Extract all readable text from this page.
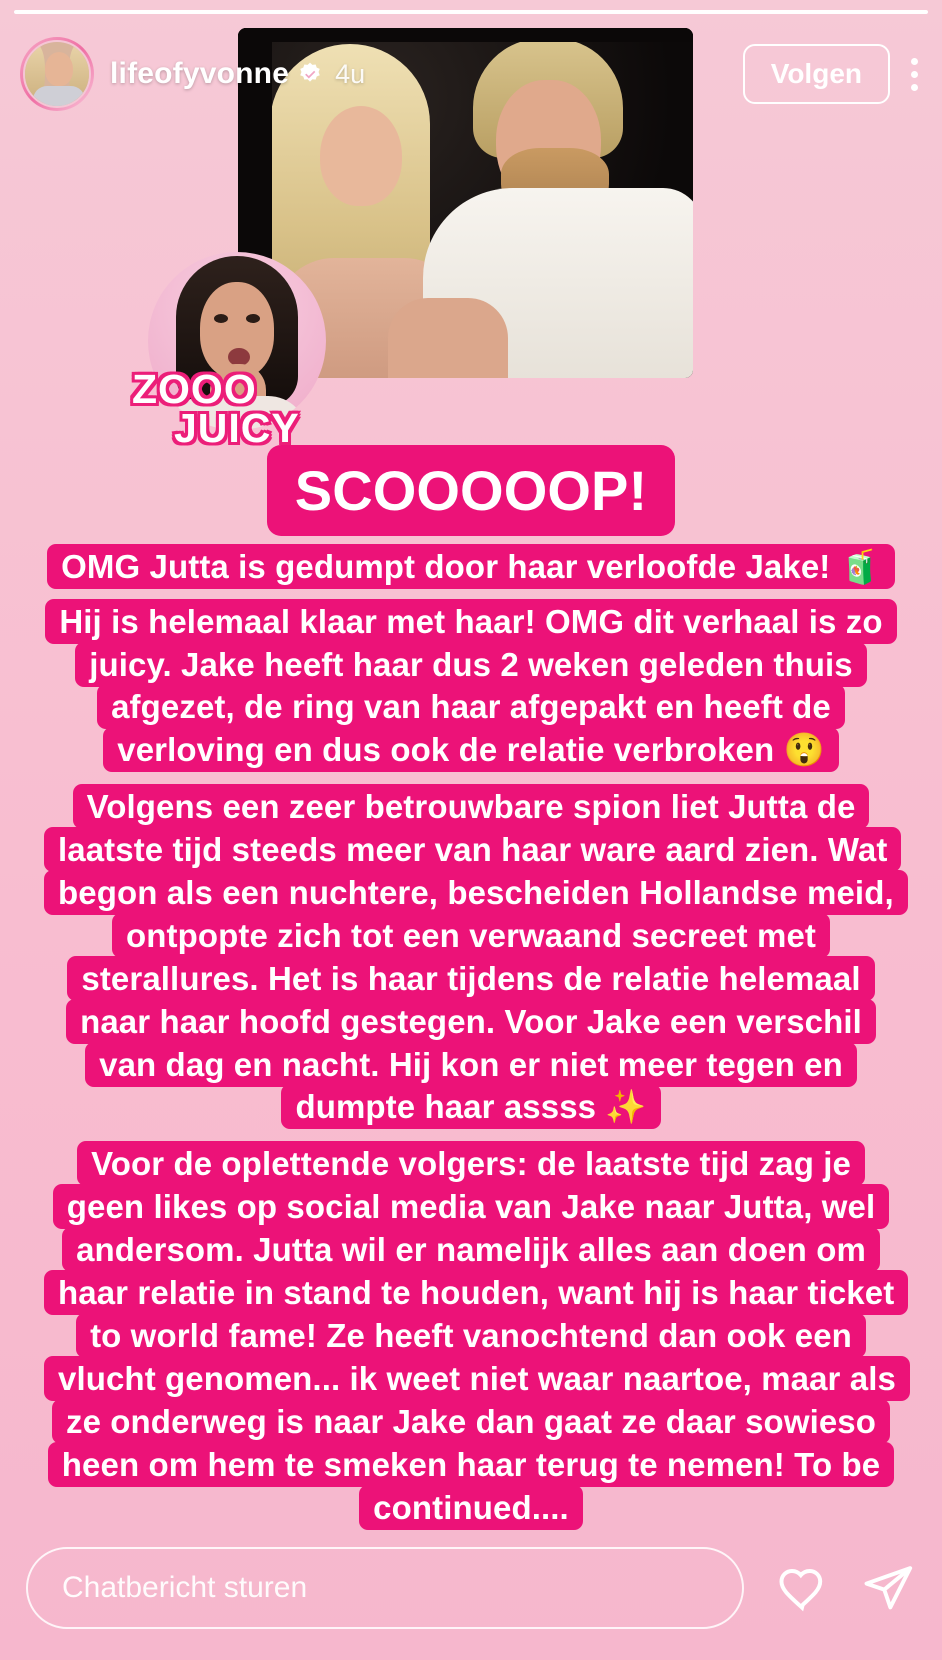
lifeofyvonne 4u	Volgen
ZOOO
JUICY
SCOOOOOP!
OMG Jutta is gedumpt door haar verloofde Jake! 🧃
Hij is helemaal klaar met haar! OMG dit verhaal is zo juicy. Jake heeft haar dus 2 weken geleden thuis afgezet, de ring van haar afgepakt en heeft de verloving en dus ook de relatie verbroken 😲
Volgens een zeer betrouwbare spion liet Jutta de laatste tijd steeds meer van haar ware aard zien. Wat begon als een nuchtere, bescheiden Hollandse meid, ontpopte zich tot een verwaand secreet met sterallures. Het is haar tijdens de relatie helemaal naar haar hoofd gestegen. Voor Jake een verschil van dag en nacht. Hij kon er niet meer tegen en dumpte haar assss ✨
Voor de oplettende volgers: de laatste tijd zag je geen likes op social media van Jake naar Jutta, wel andersom. Jutta wil er namelijk alles aan doen om haar relatie in stand te houden, want hij is haar ticket to world fame! Ze heeft vanochtend dan ook een vlucht genomen... ik weet niet waar naartoe, maar als ze onderweg is naar Jake dan gaat ze daar sowieso heen om hem te smeken haar terug te nemen! To be continued....
Chatbericht sturen
